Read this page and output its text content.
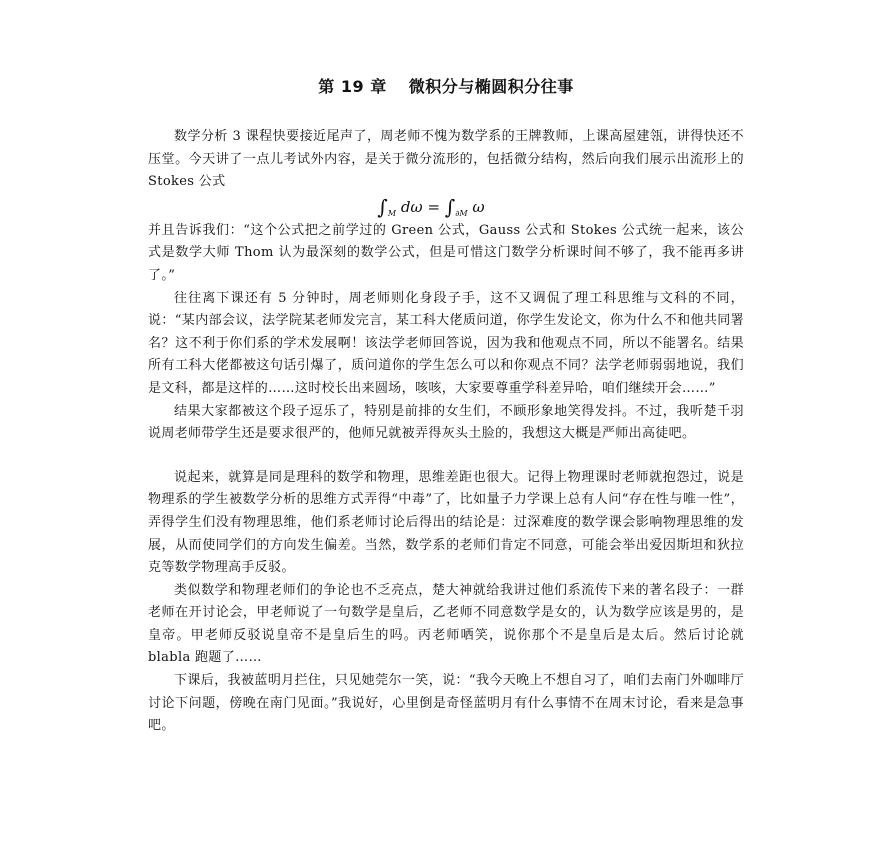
第 19 章 微积分与椭圆积分往事

数学分析 3 课程快要接近尾声了，周老师不愧为数学系的王牌教师，上课高屋建瓴，讲得快还不压堂。今天讲了一点儿考试外内容，是关于微分流形的，包括微分结构，然后向我们展示出流形上的 Stokes 公式

$\int_M$ $d\omega = \int_{\partial M}$ ω

并且告诉我们：“这个公式把之前学过的 Green 公式，Gauss 公式和 Stokes 公式统一起来，该公式是数学大师 Thom 认为最深刻的数学公式，但是可惜这门数学分析课时间不够了，我不能再多讲了。”

往往离下课还有 5 分钟时，周老师则化身段子手，这不又调侃了理工科思维与文科的不同，说：“某内部会议，法学院某老师发完言，某工科大佬质问道，你学生发论文，你为什么不和他共同署名？这不利于你们系的学术发展啊！该法学老师回答说，因为我和他观点不同，所以不能署名。结果所有工科大佬都被这句话引爆了，质问道你的学生怎么可以和你观点不同？法学老师弱弱地说，我们是文科，都是这样的……这时校长出来圆场，咳咳，大家要尊重学科差异哈，咱们继续开会……”

结果大家都被这个段子逗乐了，特别是前排的女生们，不顾形象地笑得发抖。不过，我听楚千羽说周老师带学生还是要求很严的，他师兄就被弄得灰头土脸的，我想这大概是严师出高徒吧。

说起来，就算是同是理科的数学和物理，思维差距也很大。记得上物理课时老师就抱怨过，说是物理系的学生被数学分析的思维方式弄得“中毒”了，比如量子力学课上总有人问“存在性与唯一性”，弄得学生们没有物理思维，他们系老师讨论后得出的结论是：过深难度的数学课会影响物理思维的发展，从而使同学们的方向发生偏差。当然，数学系的老师们肯定不同意，可能会举出爱因斯坦和狄拉克等数学物理高手反驳。

类似数学和物理老师们的争论也不乏亮点，楚大神就给我讲过他们系流传下来的著名段子：一群老师在开讨论会，甲老师说了一句数学是皇后，乙老师不同意数学是女的，认为数学应该是男的，是皇帝。甲老师反驳说皇帝不是皇后生的吗。丙老师哂笑，说你那个不是皇后是太后。然后讨论就 blabla 跑题了……

下课后，我被蓝明月拦住，只见她莞尔一笑，说：“我今天晚上不想自习了，咱们去南门外咖啡厅讨论下问题，傍晚在南门见面。”我说好，心里倒是奇怪蓝明月有什么事情不在周末讨论，看来是急事吧。
